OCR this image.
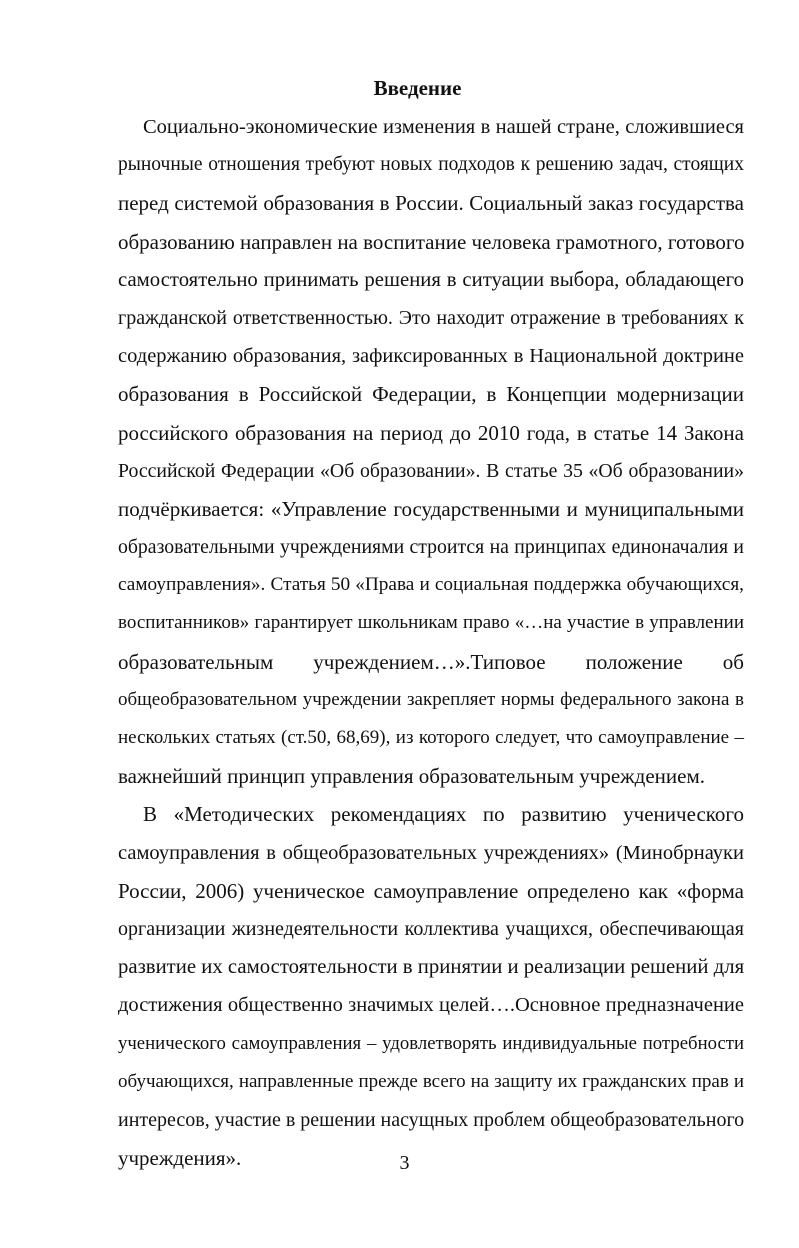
Введение
Социально-экономические изменения в нашей стране, сложившиеся
рыночные отношения требуют новых подходов к решению задач, стоящих
перед системой образования в России. Социальный заказ государства
образованию направлен на воспитание человека грамотного, готового
самостоятельно принимать решения в ситуации выбора, обладающего
гражданской ответственностью. Это находит отражение в требованиях к
содержанию образования, зафиксированных в Национальной доктрине
образования в Российской Федерации, в Концепции модернизации
российского образования на период до 2010 года, в статье 14 Закона
Российской Федерации «Об образовании». В статье 35 «Об образовании»
подчёркивается: «Управление государственными и муниципальными
образовательными учреждениями строится на принципах единоначалия и
самоуправления». Статья 50 «Права и социальная поддержка обучающихся,
воспитанников» гарантирует школьникам право «…на участие в управлении
образовательным учреждением…».Типовое положение об
общеобразовательном учреждении закрепляет нормы федерального закона в
нескольких статьях (ст.50, 68,69), из которого следует, что самоуправление –
важнейший принцип управления образовательным учреждением.
В «Методических рекомендациях по развитию ученического
самоуправления в общеобразовательных учреждениях» (Минобрнауки
России, 2006) ученическое самоуправление определено как «форма
организации жизнедеятельности коллектива учащихся, обеспечивающая
развитие их самостоятельности в принятии и реализации решений для
достижения общественно значимых целей….Основное предназначение
ученического самоуправления – удовлетворять индивидуальные потребности
обучающихся, направленные прежде всего на защиту их гражданских прав и
интересов, участие в решении насущных проблем общеобразовательного
учреждения».	3
